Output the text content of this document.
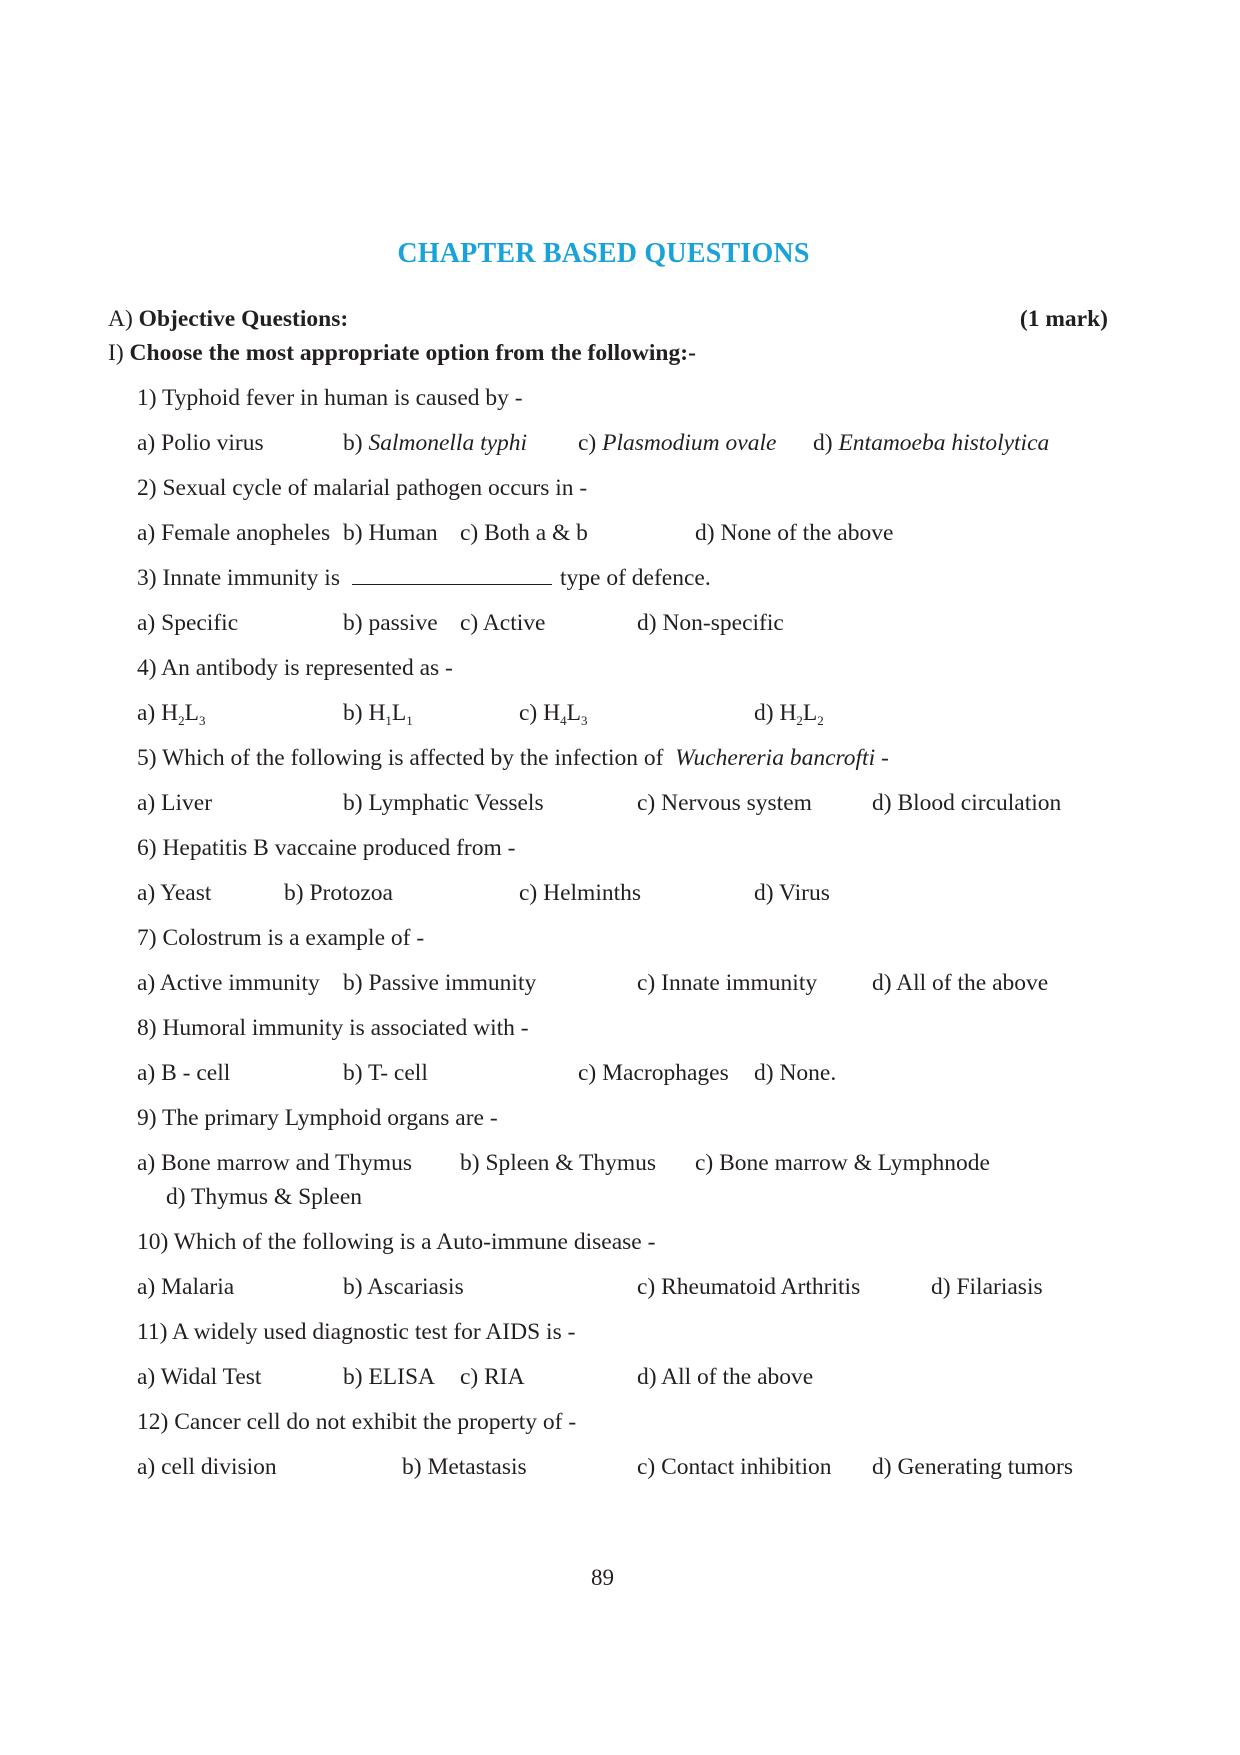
CHAPTER BASED QUESTIONS
A) Objective Questions:	(1 mark)
I) Choose the most appropriate option from the following:-
1) Typhoid fever in human is caused by -
a) Polio virus	b) Salmonella typhi c) Plasmodium ovale d) Entamoeba histolytica
2) Sexual cycle of malarial pathogen occurs in -
a) Female anopheles b) Human c) Both a & b	d) None of the above
3) Innate immunity is	type of defence.
a) Specific	b) passive c) Active	d) Non-specific
4) An antibody is represented as -
a) $H_2L_3$	b) $H_1L_1$	c) $H_4L_3$	d) $H_2L_2$
5) Which of the following is affected by the infection of Wuchereria bancrofti -
a) Liver	b) Lymphatic Vessels	c) Nervous system	d) Blood circulation
6) Hepatitis B vaccaine produced from -
a) Yeast	b) Protozoa	c) Helminths	d) Virus
7) Colostrum is a example of -
a) Active immunity b) Passive immunity	c) Innate immunity d) All of the above
8) Humoral immunity is associated with -
a) B - cell	b) T- cell	c) Macrophages d) None.
9) The primary Lymphoid organs are -
a) Bone marrow and Thymus b) Spleen & Thymus c) Bone marrow & Lymphnode
d) Thymus & Spleen
10) Which of the following is a Auto-immune disease -
a) Malaria	b) Ascariasis	c) Rheumatoid Arthritis	d) Filariasis
11) A widely used diagnostic test for AIDS is -
a) Widal Test	b) ELISA c) RIA	d) All of the above
12) Cancer cell do not exhibit the property of -
a) cell division	b) Metastasis	c) Contact inhibition d) Generating tumors
89
